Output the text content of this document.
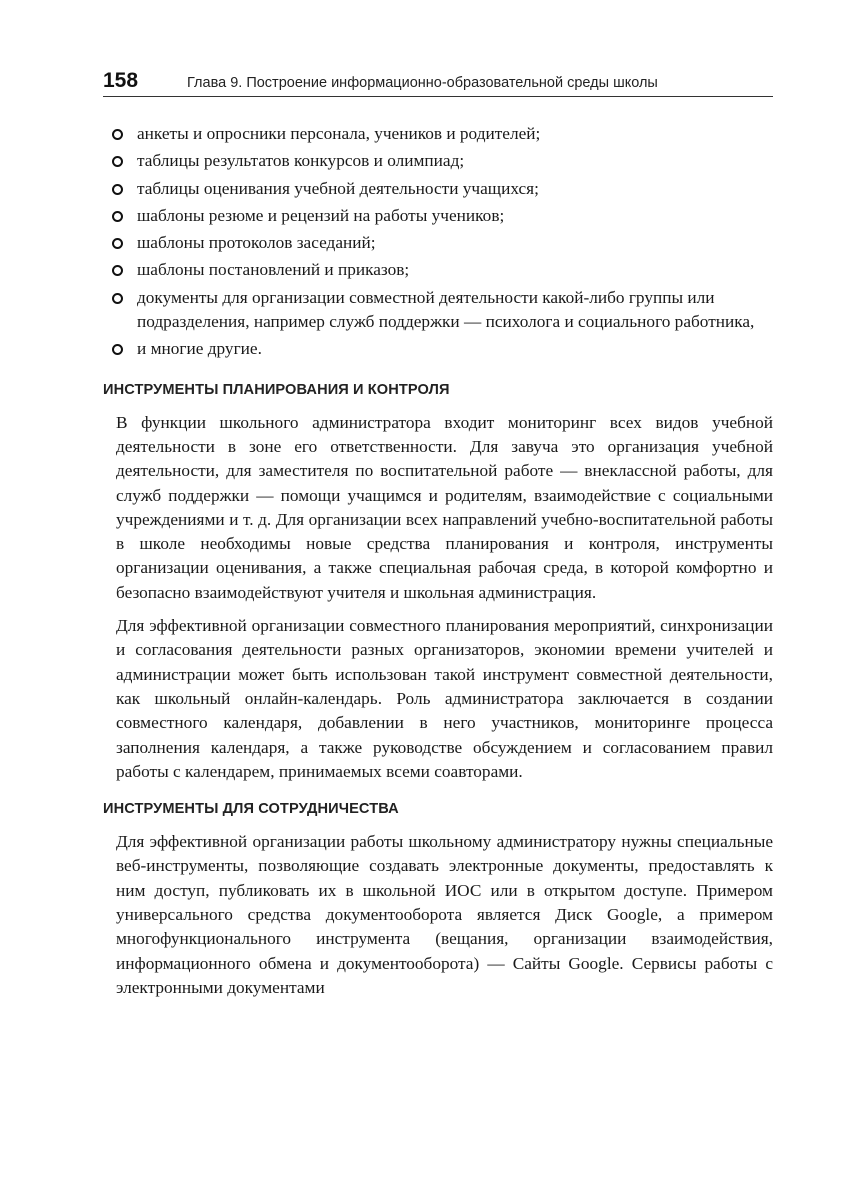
158	Глава 9. Построение информационно-образовательной среды школы
анкеты и опросники персонала, учеников и родителей;
таблицы результатов конкурсов и олимпиад;
таблицы оценивания учебной деятельности учащихся;
шаблоны резюме и рецензий на работы учеников;
шаблоны протоколов заседаний;
шаблоны постановлений и приказов;
документы для организации совместной деятельности какой-либо группы или подразделения, например служб поддержки — психолога и социального работника,
и многие другие.
ИНСТРУМЕНТЫ ПЛАНИРОВАНИЯ И КОНТРОЛЯ

В функции школьного администратора входит мониторинг всех видов учебной деятельности в зоне его ответственности. Для завуча это организация учебной деятельности, для заместителя по воспитательной работе — внеклассной работы, для служб поддержки — помощи учащимся и родителям, взаимодействие с социальными учреждениями и т. д. Для организации всех направлений учебно-воспитательной работы в школе необходимы новые средства планирования и контроля, инструменты организации оценивания, а также специальная рабочая среда, в которой комфортно и безопасно взаимодействуют учителя и школьная администрация.

Для эффективной организации совместного планирования мероприятий, синхронизации и согласования деятельности разных организаторов, экономии времени учителей и администрации может быть использован такой инструмент совместной деятельности, как школьный онлайн-календарь. Роль администратора заключается в создании совместного календаря, добавлении в него участников, мониторинге процесса заполнения календаря, а также руководстве обсуждением и согласованием правил работы с календарем, принимаемых всеми соавторами.

ИНСТРУМЕНТЫ ДЛЯ СОТРУДНИЧЕСТВА

Для эффективной организации работы школьному администратору нужны специальные веб-инструменты, позволяющие создавать электронные документы, предоставлять к ним доступ, публиковать их в школьной ИОС или в открытом доступе. Примером универсального средства документооборота является Диск Google, а примером многофункционального инструмента (вещания, организации взаимодействия, информационного обмена и документооборота) — Сайты Google. Сервисы работы с электронными документами
